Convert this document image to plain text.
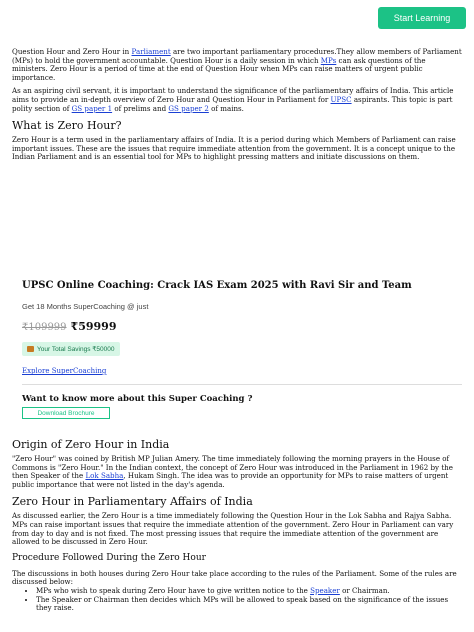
Start Learning

Question Hour and Zero Hour in Parliament are two important parliamentary procedures.They allow members of Parliament (MPs) to hold the government accountable. Question Hour is a daily session in which MPs can ask questions of the ministers. Zero Hour is a period of time at the end of Question Hour when MPs can raise matters of urgent public importance.

As an aspiring civil servant, it is important to understand the significance of the parliamentary affairs of India. This article aims to provide an in-depth overview of Zero Hour and Question Hour in Parliament for UPSC aspirants. This topic is part polity section of GS paper 1 of prelims and GS paper 2 of mains.

What is Zero Hour?

Zero Hour is a term used in the parliamentary affairs of India. It is a period during which Members of Parliament can raise important issues. These are the issues that require immediate attention from the government. It is a concept unique to the Indian Parliament and is an essential tool for MPs to highlight pressing matters and initiate discussions on them.

UPSC Online Coaching: Crack IAS Exam 2025 with Ravi Sir and Team
Get 18 Months SuperCoaching @ just
₹109999 ₹59999
Your Total Savings ₹50000
Explore SuperCoaching
Want to know more about this Super Coaching ?
Download Brochure
Origin of Zero Hour in India

"Zero Hour" was coined by British MP Julian Amery. The time immediately following the morning prayers in the House of Commons is "Zero Hour." In the Indian context, the concept of Zero Hour was introduced in the Parliament in 1962 by the then Speaker of the Lok Sabha, Hukam Singh. The idea was to provide an opportunity for MPs to raise matters of urgent public importance that were not listed in the day's agenda.

Zero Hour in Parliamentary Affairs of India

As discussed earlier, the Zero Hour is a time immediately following the Question Hour in the Lok Sabha and Rajya Sabha. MPs can raise important issues that require the immediate attention of the government. Zero Hour in Parliament can vary from day to day and is not fixed. The most pressing issues that require the immediate attention of the government are allowed to be discussed in Zero Hour.

Procedure Followed During the Zero Hour

The discussions in both houses during Zero Hour take place according to the rules of the Parliament. Some of the rules are discussed below:

• MPs who wish to speak during Zero Hour have to give written notice to the Speaker or Chairman.
• The Speaker or Chairman then decides which MPs will be allowed to speak based on the significance of the issues they raise.
